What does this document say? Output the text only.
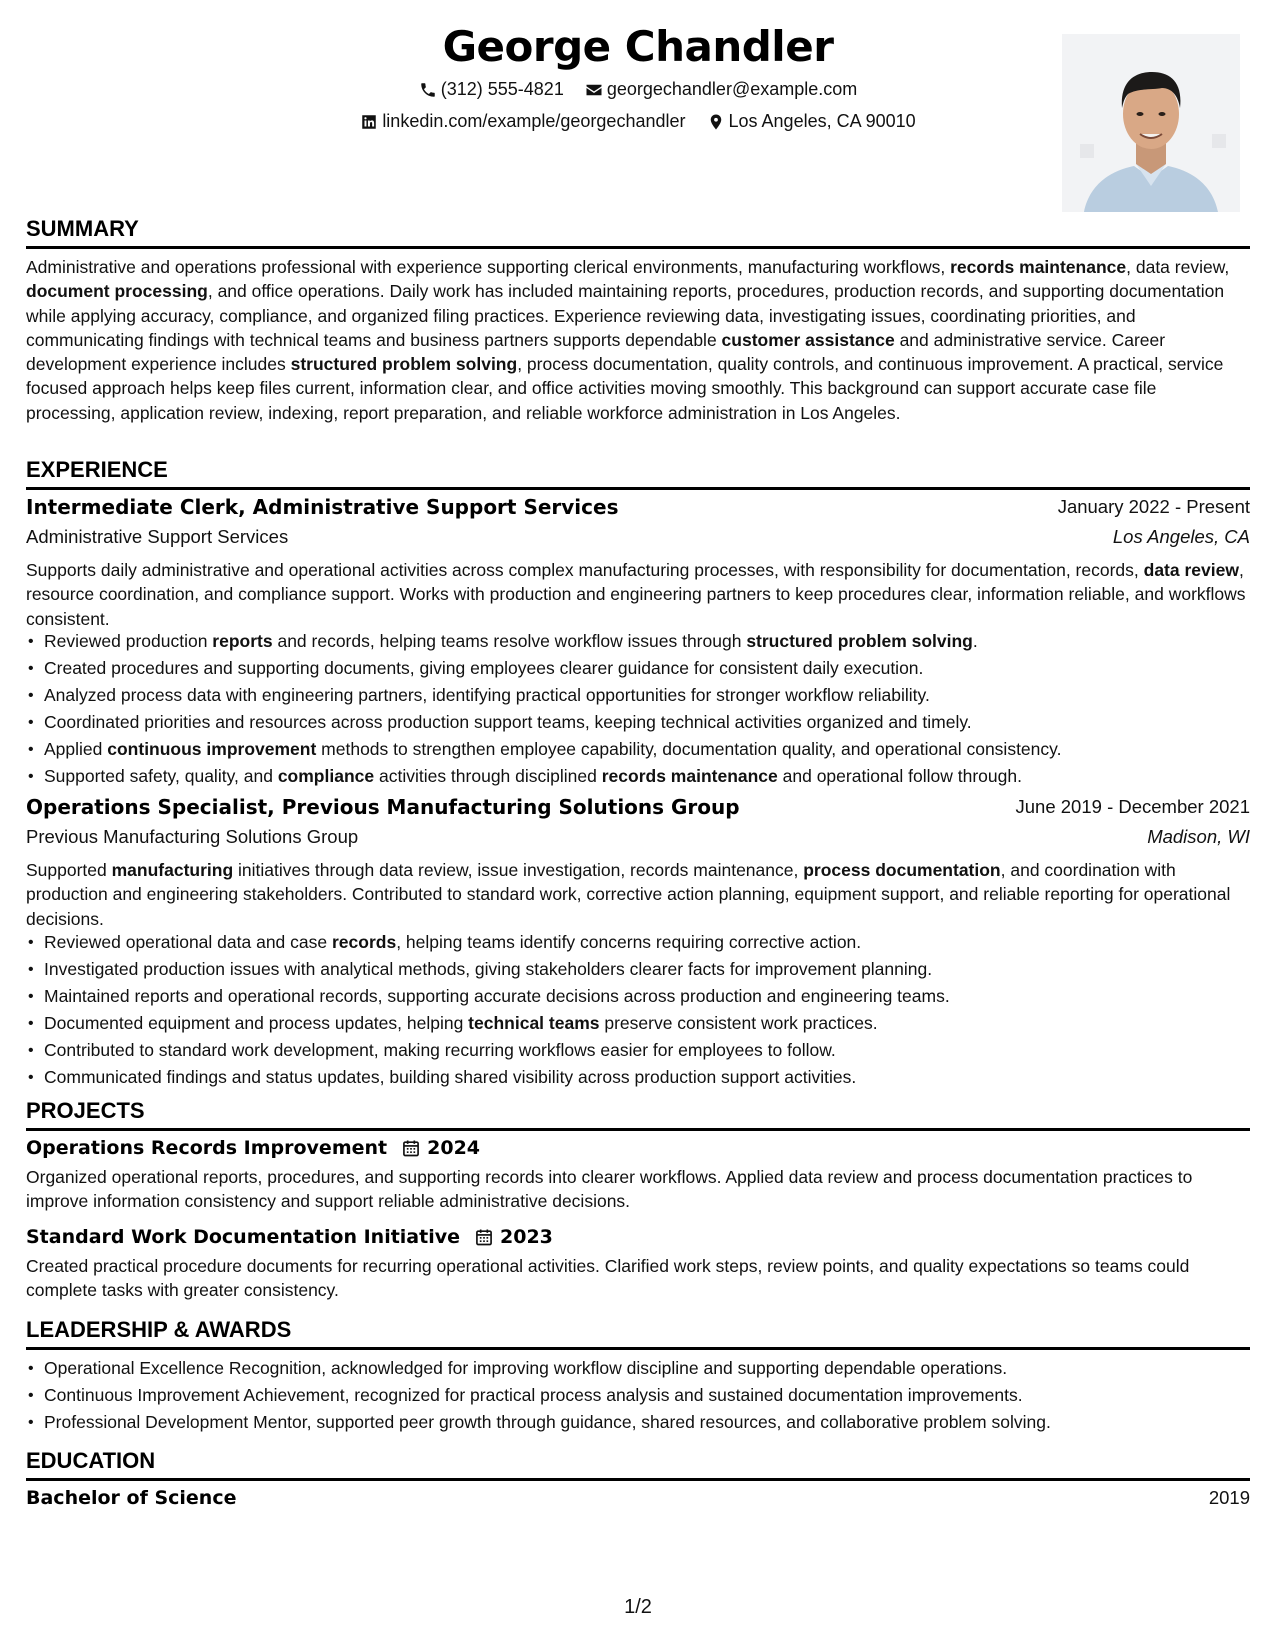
George Chandler
(312) 555-4821
georgechandler@example.com
linkedin.com/example/georgechandler
Los Angeles, CA 90010
SUMMARY
Administrative and operations professional with experience supporting clerical environments, manufacturing workflows, records maintenance, data review, document processing, and office operations. Daily work has included maintaining reports, procedures, production records, and supporting documentation while applying accuracy, compliance, and organized filing practices. Experience reviewing data, investigating issues, coordinating priorities, and communicating findings with technical teams and business partners supports dependable customer assistance and administrative service. Career development experience includes structured problem solving, process documentation, quality controls, and continuous improvement. A practical, service focused approach helps keep files current, information clear, and office activities moving smoothly. This background can support accurate case file processing, application review, indexing, report preparation, and reliable workforce administration in Los Angeles.
EXPERIENCE
Intermediate Clerk, Administrative Support Services	January 2022 - Present
Administrative Support Services	Los Angeles, CA
Supports daily administrative and operational activities across complex manufacturing processes, with responsibility for documentation, records, data review, resource coordination, and compliance support. Works with production and engineering partners to keep procedures clear, information reliable, and workflows consistent.
• Reviewed production reports and records, helping teams resolve workflow issues through structured problem solving.
• Created procedures and supporting documents, giving employees clearer guidance for consistent daily execution.
• Analyzed process data with engineering partners, identifying practical opportunities for stronger workflow reliability.
• Coordinated priorities and resources across production support teams, keeping technical activities organized and timely.
• Applied continuous improvement methods to strengthen employee capability, documentation quality, and operational consistency.
• Supported safety, quality, and compliance activities through disciplined records maintenance and operational follow through.
Operations Specialist, Previous Manufacturing Solutions Group	June 2019 - December 2021
Previous Manufacturing Solutions Group	Madison, WI
Supported manufacturing initiatives through data review, issue investigation, records maintenance, process documentation, and coordination with production and engineering stakeholders. Contributed to standard work, corrective action planning, equipment support, and reliable reporting for operational decisions.
• Reviewed operational data and case records, helping teams identify concerns requiring corrective action.
• Investigated production issues with analytical methods, giving stakeholders clearer facts for improvement planning.
• Maintained reports and operational records, supporting accurate decisions across production and engineering teams.
• Documented equipment and process updates, helping technical teams preserve consistent work practices.
• Contributed to standard work development, making recurring workflows easier for employees to follow.
• Communicated findings and status updates, building shared visibility across production support activities.
PROJECTS
Operations Records Improvement 2024
Organized operational reports, procedures, and supporting records into clearer workflows. Applied data review and process documentation practices to improve information consistency and support reliable administrative decisions.
Standard Work Documentation Initiative 2023
Created practical procedure documents for recurring operational activities. Clarified work steps, review points, and quality expectations so teams could complete tasks with greater consistency.
LEADERSHIP & AWARDS
• Operational Excellence Recognition, acknowledged for improving workflow discipline and supporting dependable operations.
• Continuous Improvement Achievement, recognized for practical process analysis and sustained documentation improvements.
• Professional Development Mentor, supported peer growth through guidance, shared resources, and collaborative problem solving.
EDUCATION
Bachelor of Science	2019
1/2
